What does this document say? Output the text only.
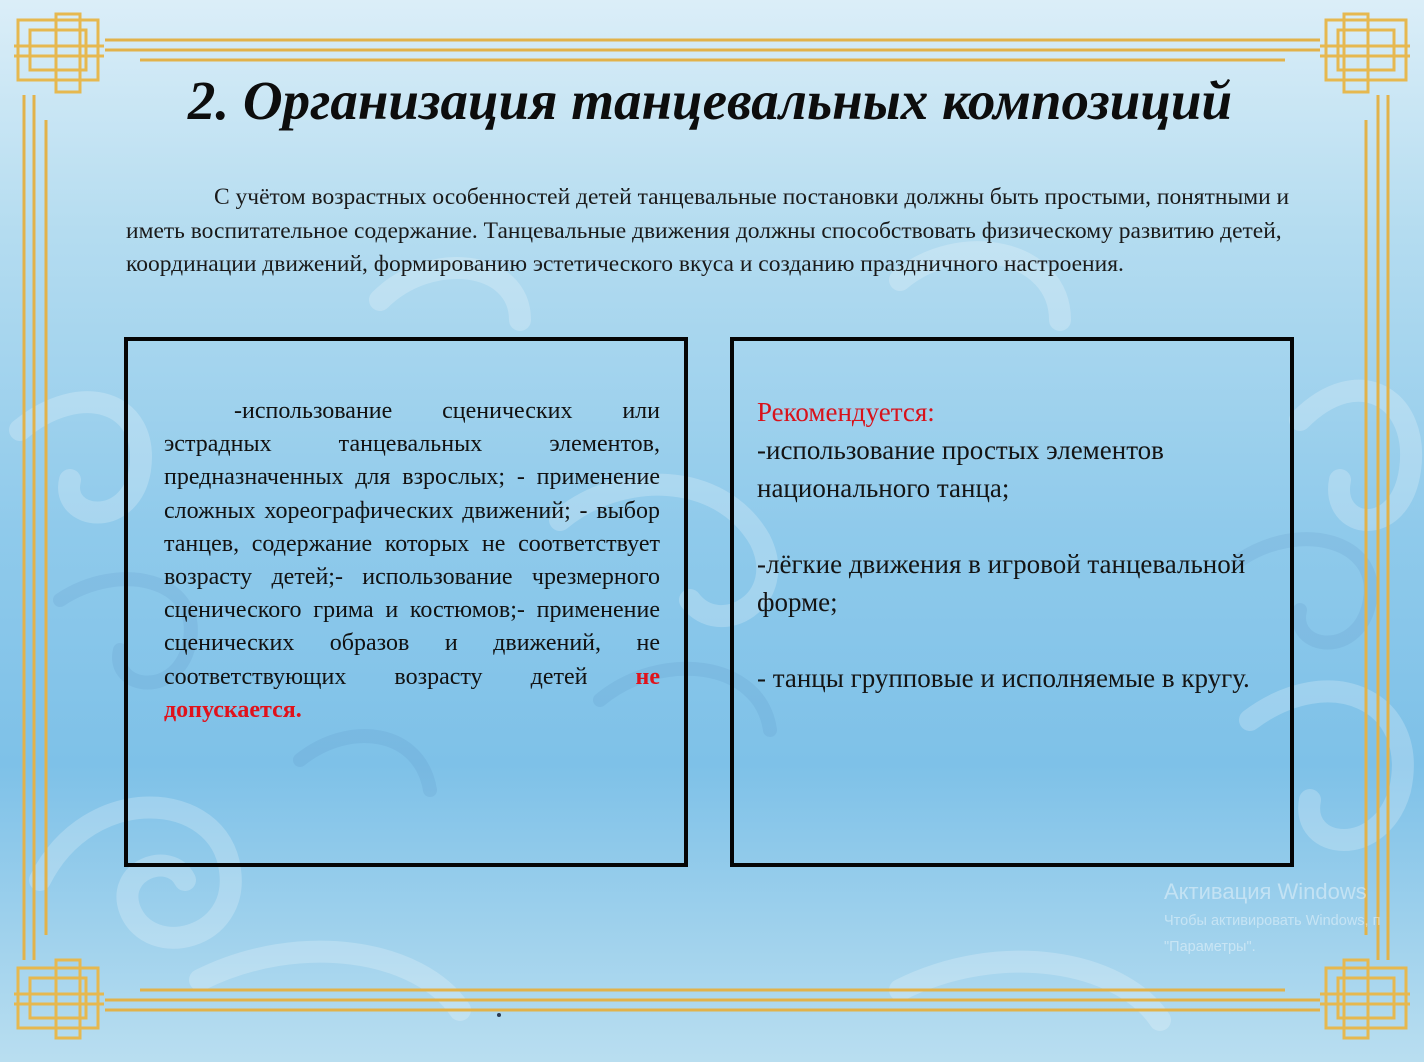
2. Организация танцевальных композиций
С учётом возрастных особенностей детей танцевальные постановки должны быть простыми, понятными и иметь воспитательное содержание. Танцевальные движения должны способствовать физическому развитию детей, координации движений, формированию эстетического вкуса и созданию праздничного настроения.
-использование сценических или эстрадных танцевальных элементов, предназначенных для взрослых; - применение сложных хореографических движений; - выбор танцев, содержание которых не соответствует возрасту детей;- использование чрезмерного сценического грима и костюмов;- применение сценических образов и движений, не соответствующих возрасту детей не допускается.

Рекомендуется:

-использование простых элементов национального танца;

-лёгкие движения в игровой танцевальной форме;

- танцы групповые и исполняемые в кругу.

Активация Windows
Чтобы активировать Windows, п
"Параметры".
